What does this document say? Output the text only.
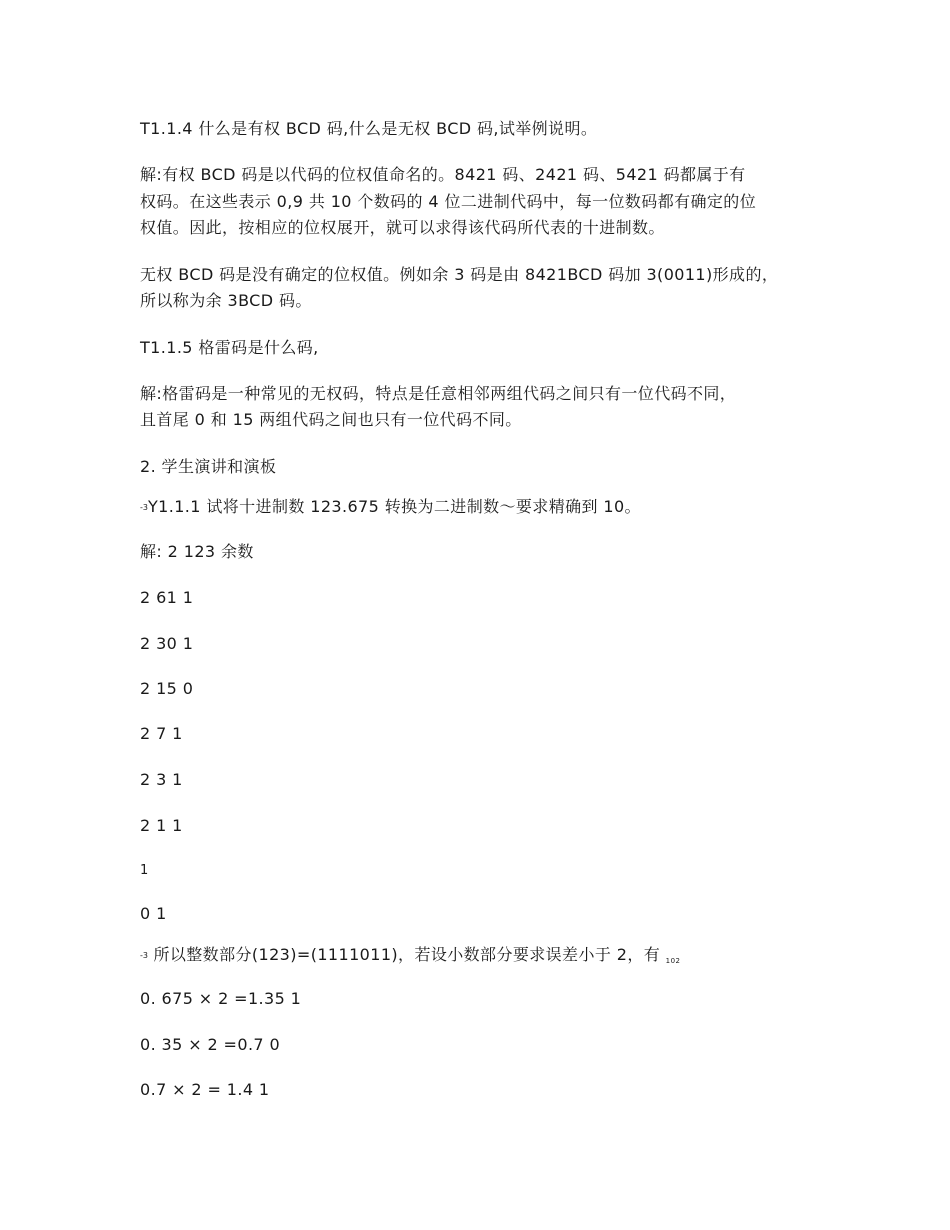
T1.1.4 什么是有权 BCD 码,什么是无权 BCD 码,试举例说明。
解:有权 BCD 码是以代码的位权值命名的。8421 码、2421 码、5421 码都属于有
权码。在这些表示 0,9 共 10 个数码的 4 位二进制代码中，每一位数码都有确定的位
权值。因此，按相应的位权展开，就可以求得该代码所代表的十进制数。
无权 BCD 码是没有确定的位权值。例如余 3 码是由 8421BCD 码加 3(0011)形成的，
所以称为余 3BCD 码。
T1.1.5 格雷码是什么码,
解:格雷码是一种常见的无权码，特点是任意相邻两组代码之间只有一位代码不同，
且首尾 0 和 15 两组代码之间也只有一位代码不同。
2. 学生演讲和演板
-3Y1.1.1 试将十进制数 123.675 转换为二进制数～要求精确到 10。
解: 2 123 余数
2 61 1
2 30 1
2 15 0
2 7 1
2 3 1
2 1 1
1
0 1
-3 所以整数部分(123)=(1111011)，若设小数部分要求误差小于 2，有 102
0. 675 × 2 =1.35 1
0. 35 × 2 =0.7 0
0.7 × 2 = 1.4 1
